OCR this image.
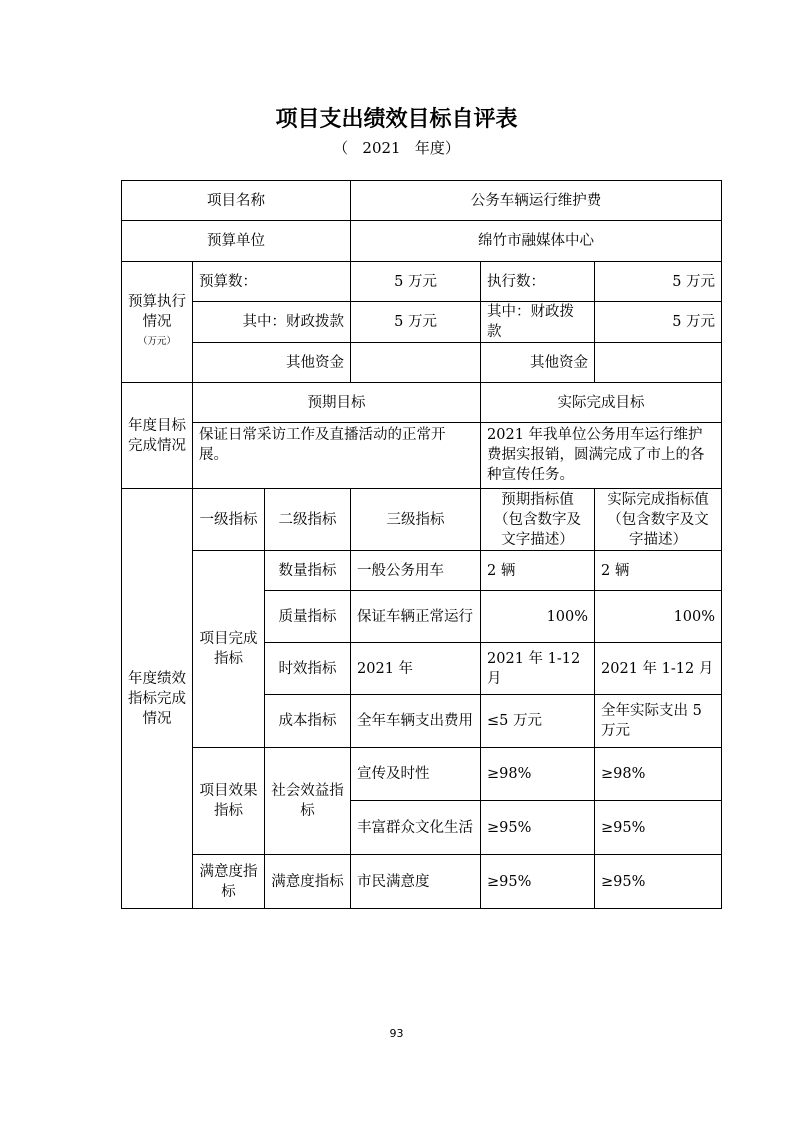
项目支出绩效目标自评表
（   2021   年度）
项目名称			公务车辆运行维护费		
预算单位			绵竹市融媒体中心		

预算执行情况
（万元）	预算数：		5 万元	执行数：	5 万元
	其中：财政拨款		5 万元	其中：财政拨款	5 万元
	其他资金			其他资金	
年度目标完成情况	预期目标			实际完成目标	
	保证日常采访工作及直播活动的正常开展。			2021 年我单位公务用车运行维护费据实报销，圆满完成了市上的各种宣传任务。	
年度绩效指标完成情况	一级指标	二级指标	三级指标	预期指标值（包含数字及文字描述）	实际完成指标值（包含数字及文字描述）
	项目完成指标	数量指标	一般公务用车	2 辆	2 辆
		质量指标	保证车辆正常运行	100%	100%
		时效指标	2021 年	2021 年 1-12 月	2021 年 1-12 月
		成本指标	全年车辆支出费用	≤5 万元	全年实际支出 5 万元
	项目效果指标	社会效益指标	宣传及时性	≥98%	≥98%
			丰富群众文化生活	≥95%	≥95%
	满意度指标	满意度指标	市民满意度	≥95%	≥95%
93
